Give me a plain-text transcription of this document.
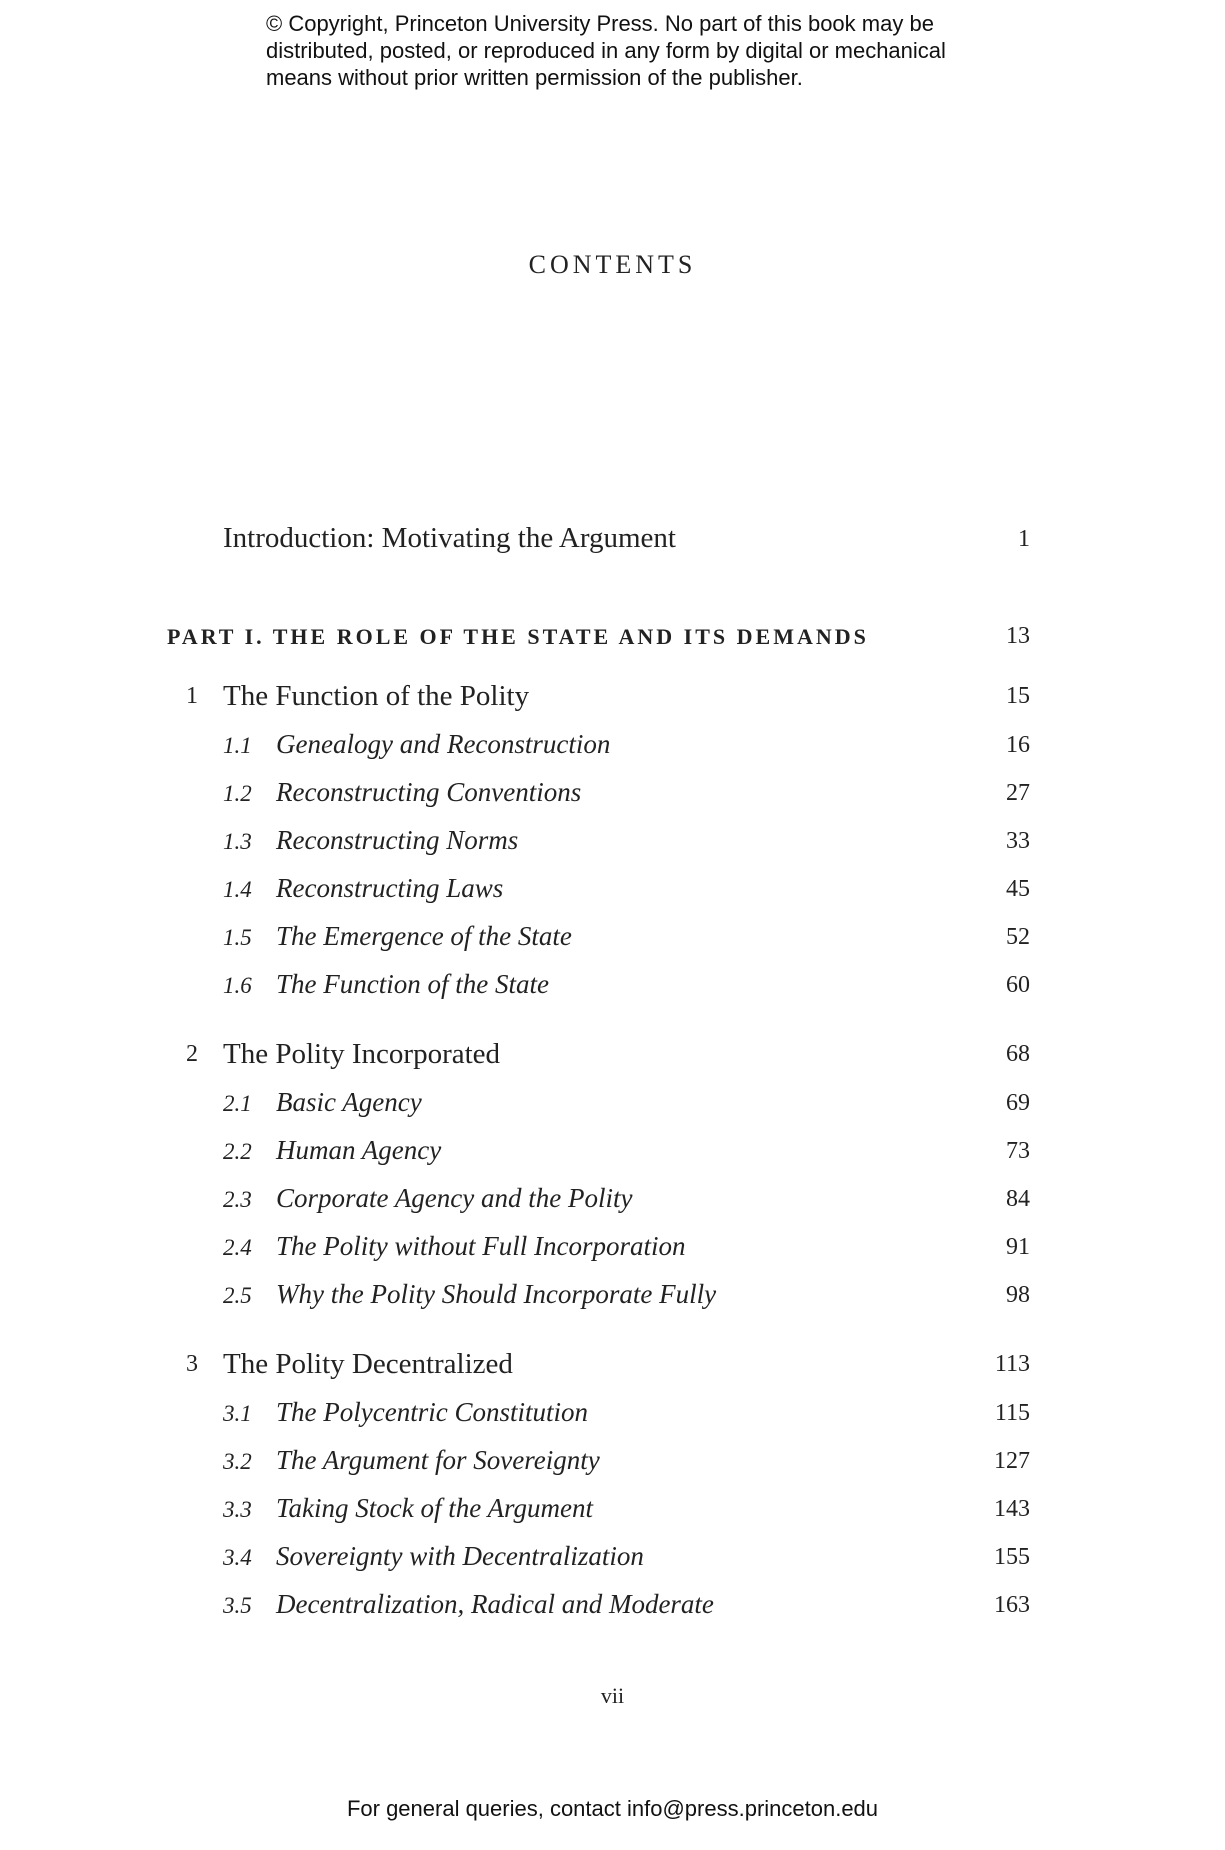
© Copyright, Princeton University Press. No part of this book may be
distributed, posted, or reproduced in any form by digital or mechanical
means without prior written permission of the publisher.
CONTENTS
Introduction: Motivating the Argument	1
PART I. THE ROLE OF THE STATE AND ITS DEMANDS	13
1 The Function of the Polity	15
1.1 Genealogy and Reconstruction	16
1.2 Reconstructing Conventions	27
1.3 Reconstructing Norms	33
1.4 Reconstructing Laws	45
1.5 The Emergence of the State	52
1.6 The Function of the State	60
2 The Polity Incorporated	68
2.1 Basic Agency	69
2.2 Human Agency	73
2.3 Corporate Agency and the Polity	84
2.4 The Polity without Full Incorporation	91
2.5 Why the Polity Should Incorporate Fully	98
3 The Polity Decentralized	113
3.1 The Polycentric Constitution	115
3.2 The Argument for Sovereignty	127
3.3 Taking Stock of the Argument	143
3.4 Sovereignty with Decentralization	155
3.5 Decentralization, Radical and Moderate	163
vii
For general queries, contact info@press.princeton.edu
